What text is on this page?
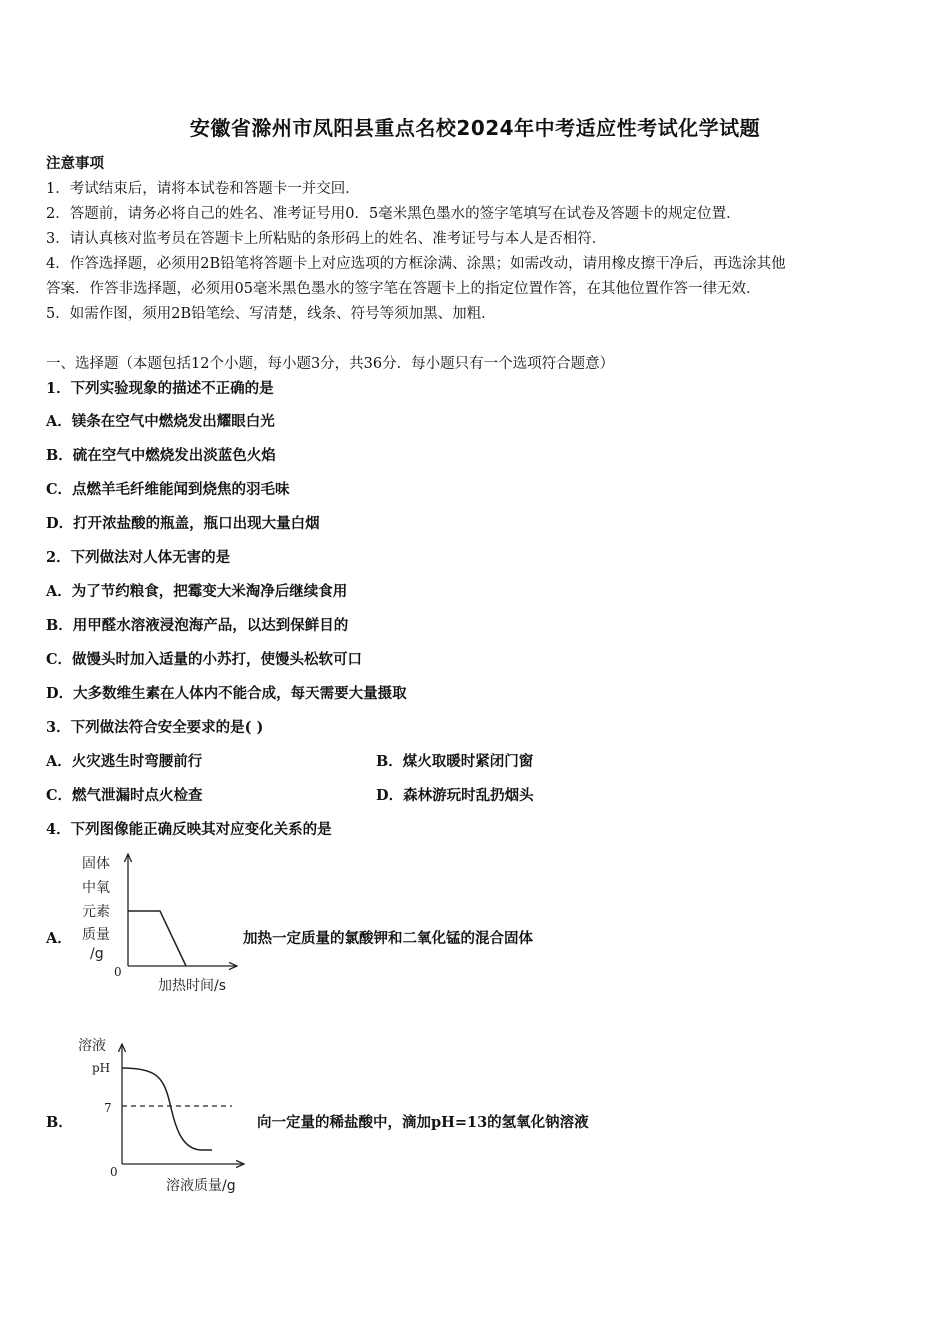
安徽省滁州市凤阳县重点名校2024年中考适应性考试化学试题
注意事项
1．考试结束后，请将本试卷和答题卡一并交回．
2．答题前，请务必将自己的姓名、准考证号用0．5毫米黑色墨水的签字笔填写在试卷及答题卡的规定位置．
3．请认真核对监考员在答题卡上所粘贴的条形码上的姓名、准考证号与本人是否相符．
4．作答选择题，必须用2B铅笔将答题卡上对应选项的方框涂满、涂黑；如需改动，请用橡皮擦干净后，再选涂其他
答案．作答非选择题，必须用05毫米黑色墨水的签字笔在答题卡上的指定位置作答，在其他位置作答一律无效．
5．如需作图，须用2B铅笔绘、写清楚，线条、符号等须加黑、加粗．
一、选择题（本题包括12个小题，每小题3分，共36分．每小题只有一个选项符合题意）
1．下列实验现象的描述不正确的是
A．镁条在空气中燃烧发出耀眼白光
B．硫在空气中燃烧发出淡蓝色火焰
C．点燃羊毛纤维能闻到烧焦的羽毛味
D．打开浓盐酸的瓶盖，瓶口出现大量白烟
2．下列做法对人体无害的是
A．为了节约粮食，把霉变大米淘净后继续食用
B．用甲醛水溶液浸泡海产品，以达到保鲜目的
C．做馒头时加入适量的小苏打，使馒头松软可口
D．大多数维生素在人体内不能合成，每天需要大量摄取
3．下列做法符合安全要求的是( )
A．火灾逃生时弯腰前行	B．煤火取暖时紧闭门窗
C．燃气泄漏时点火检查	D．森林游玩时乱扔烟头
4．下列图像能正确反映其对应变化关系的是
A．
固体
中氧
元素
质量
/g
0
加热时间/s
加热一定质量的氯酸钾和二氧化锰的混合固体
B．
溶液
pH
7
0
溶液质量/g
向一定量的稀盐酸中，滴加pH=13的氢氧化钠溶液
